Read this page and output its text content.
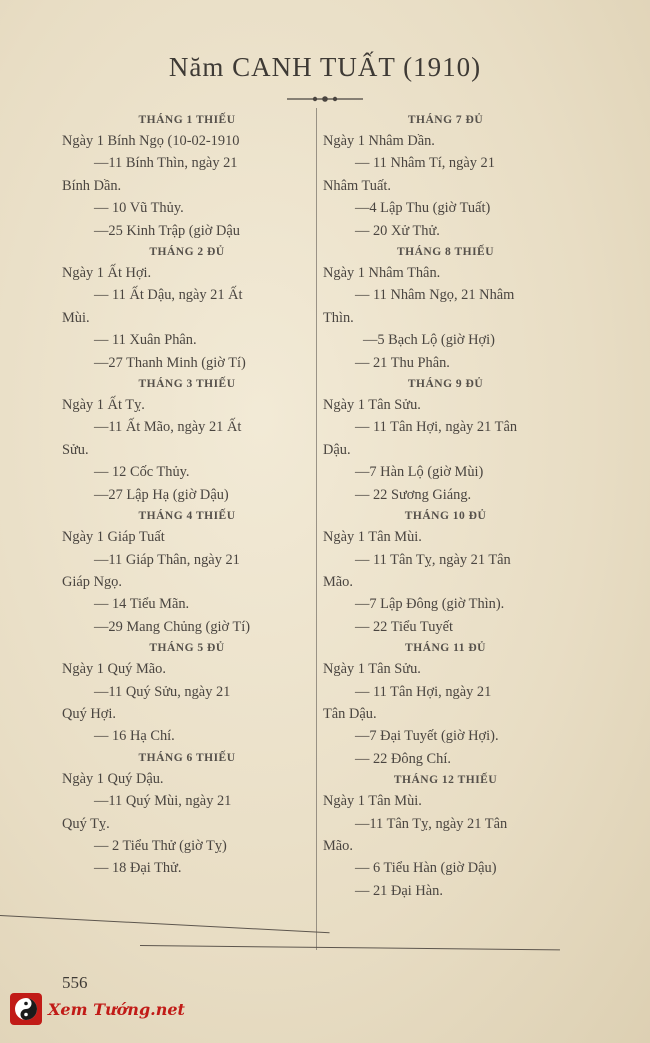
Năm CANH TUẤT (1910)
THÁNG 1 THIẾU
Ngày 1 Bính Ngọ (10-02-1910
—11 Bính Thìn, ngày 21
Bính Dần.
— 10 Vũ Thủy.
—25 Kinh Trập (giờ Dậu
THÁNG 2 ĐỦ
Ngày 1 Ất Hợi.
— 11 Ất Dậu, ngày 21 Ất
Mùi.
— 11 Xuân Phân.
—27 Thanh Minh (giờ Tí)
THÁNG 3 THIẾU
Ngày 1 Ất Tỵ.
—11 Ất Mão, ngày 21 Ất
Sửu.
— 12 Cốc Thủy.
—27 Lập Hạ (giờ Dậu)
THÁNG 4 THIẾU
Ngày 1 Giáp Tuất
—11 Giáp Thân, ngày 21
Giáp Ngọ.
— 14 Tiểu Mãn.
—29 Mang Chủng (giờ Tí)
THÁNG 5 ĐỦ
Ngày 1 Quý Mão.
—11 Quý Sửu, ngày 21
Quý Hợi.
— 16 Hạ Chí.
THÁNG 6 THIẾU
Ngày 1 Quý Dậu.
—11 Quý Mùi, ngày 21
Quý Tỵ.
— 2 Tiểu Thử (giờ Tỵ)
— 18 Đại Thử.
THÁNG 7 ĐỦ
Ngày 1 Nhâm Dần.
— 11 Nhâm Tí, ngày 21
Nhâm Tuất.
—4 Lập Thu (giờ Tuất)
— 20 Xử Thử.
THÁNG 8 THIẾU
Ngày 1 Nhâm Thân.
— 11 Nhâm Ngọ, 21 Nhâm
Thìn.
—5 Bạch Lộ (giờ Hợi)
— 21 Thu Phân.
THÁNG 9 ĐỦ
Ngày 1 Tân Sửu.
— 11 Tân Hợi, ngày 21 Tân
Dậu.
—7 Hàn Lộ (giờ Mùi)
— 22 Sương Giáng.
THÁNG 10 ĐỦ
Ngày 1 Tân Mùi.
— 11 Tân Tỵ, ngày 21 Tân
Mão.
—7 Lập Đông (giờ Thìn).
— 22 Tiểu Tuyết
THÁNG 11 ĐỦ
Ngày 1 Tân Sửu.
— 11 Tân Hợi, ngày 21
Tân Dậu.
—7 Đại Tuyết (giờ Hợi).
— 22 Đông Chí.
THÁNG 12 THIẾU
Ngày 1 Tân Mùi.
—11 Tân Tỵ, ngày 21 Tân
Mão.
— 6 Tiểu Hàn (giờ Dậu)
— 21 Đại Hàn.
556
Xem Tướng.net
